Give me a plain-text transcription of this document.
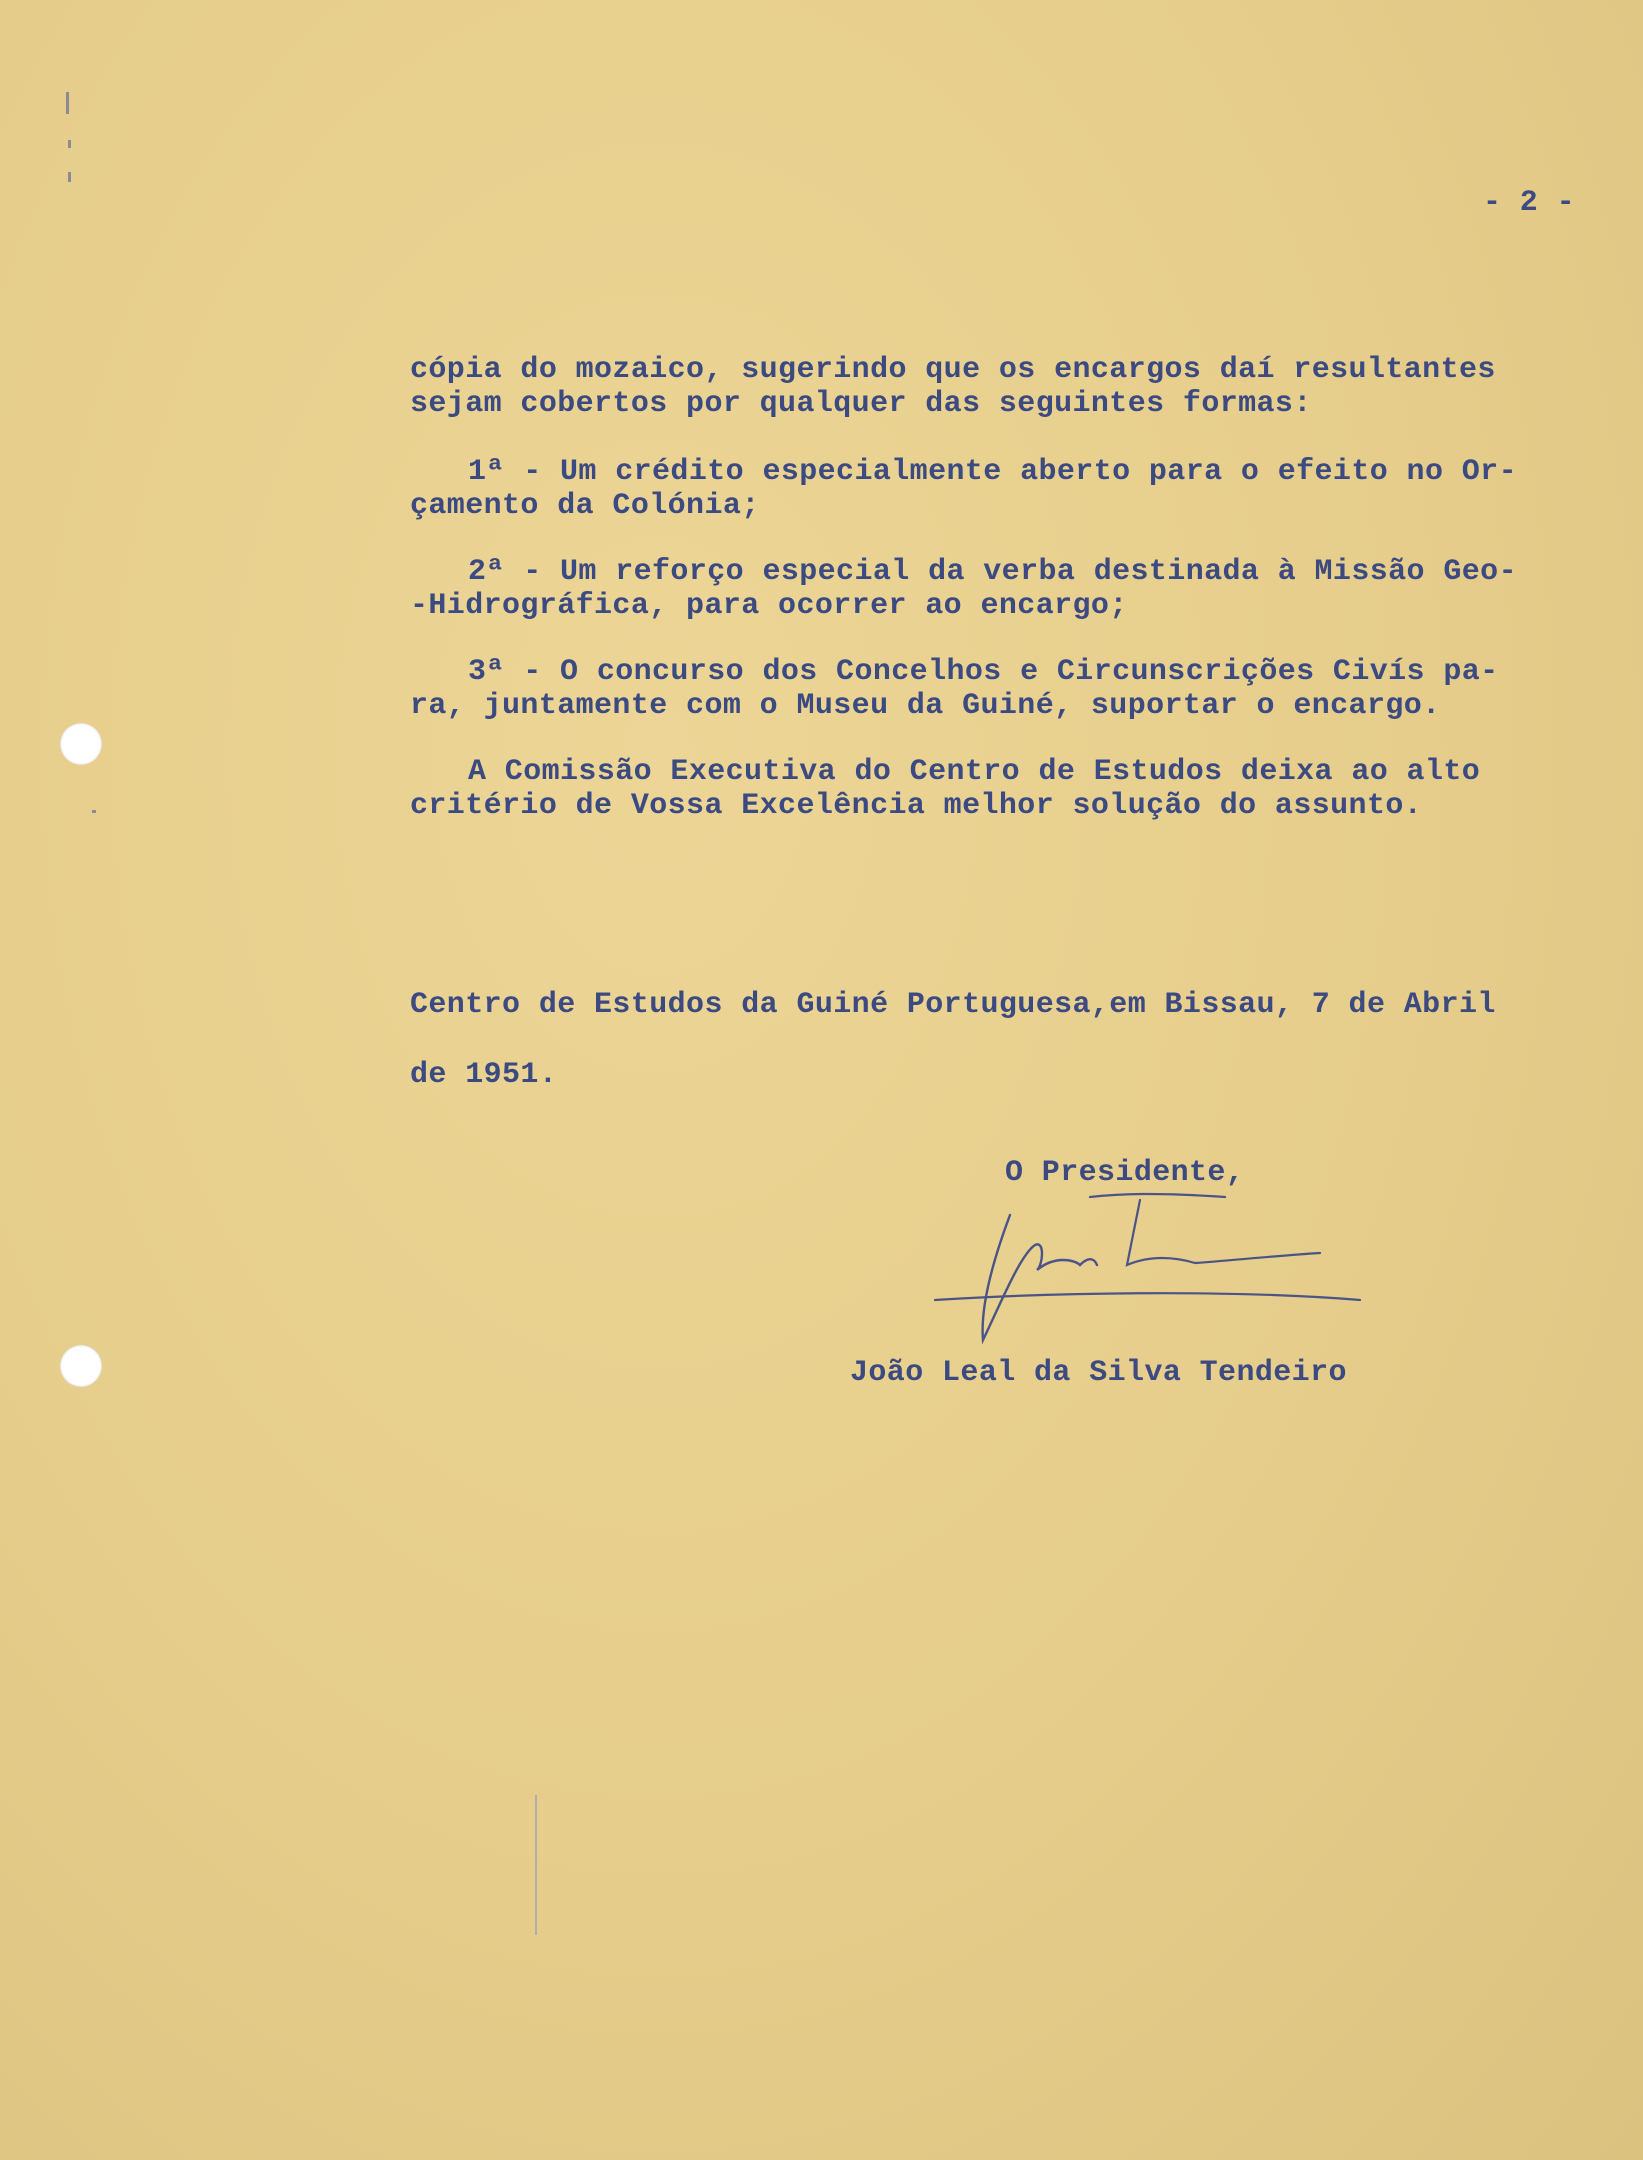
- 2 -

cópia do mozaico, sugerindo que os encargos daí resultantes
sejam cobertos por qualquer das seguintes formas:
1ª - Um crédito especialmente aberto para o efeito no Or-
çamento da Colónia;
2ª - Um reforço especial da verba destinada à Missão Geo-
-Hidrográfica, para ocorrer ao encargo;
3ª - O concurso dos Concelhos e Circunscrições Civís pa-
ra, juntamente com o Museu da Guiné, suportar o encargo.
A Comissão Executiva do Centro de Estudos deixa ao alto
critério de Vossa Excelência melhor solução do assunto.

Centro de Estudos da Guiné Portuguesa,em Bissau, 7 de Abril

de 1951.

O Presidente,

João Leal da Silva Tendeiro
